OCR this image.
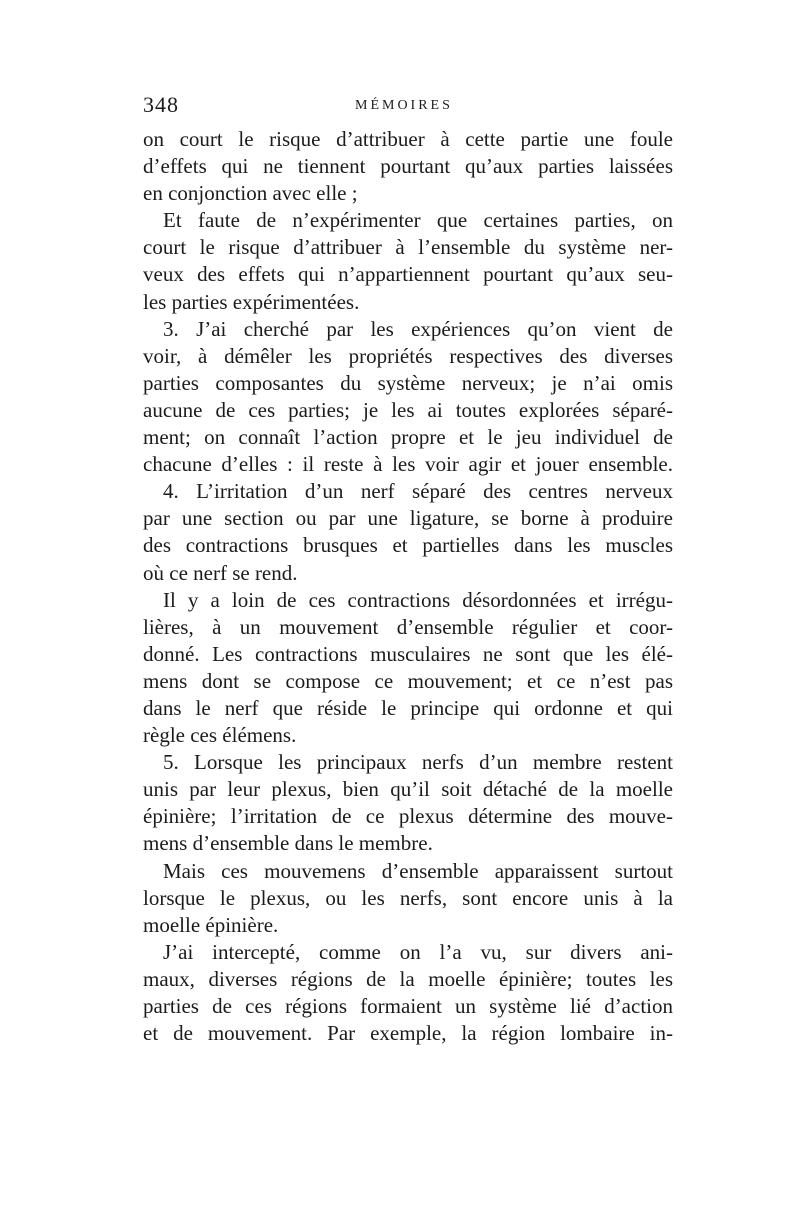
348	MÉMOIRES
on court le risque d’attribuer à cette partie une foule
d’effets qui ne tiennent pourtant qu’aux parties laissées
en conjonction avec elle ;
Et faute de n’expérimenter que certaines parties, on
court le risque d’attribuer à l’ensemble du système ner-
veux des effets qui n’appartiennent pourtant qu’aux seu-
les parties expérimentées.
3. J’ai cherché par les expériences qu’on vient de
voir, à démêler les propriétés respectives des diverses
parties composantes du système nerveux; je n’ai omis
aucune de ces parties; je les ai toutes explorées séparé-
ment; on connaît l’action propre et le jeu individuel de
chacune d’elles : il reste à les voir agir et jouer ensemble.
4. L’irritation d’un nerf séparé des centres nerveux
par une section ou par une ligature, se borne à produire
des contractions brusques et partielles dans les muscles
où ce nerf se rend.
Il y a loin de ces contractions désordonnées et irrégu-
lières, à un mouvement d’ensemble régulier et coor-
donné. Les contractions musculaires ne sont que les élé-
mens dont se compose ce mouvement; et ce n’est pas
dans le nerf que réside le principe qui ordonne et qui
règle ces élémens.
5. Lorsque les principaux nerfs d’un membre restent
unis par leur plexus, bien qu’il soit détaché de la moelle
épinière; l’irritation de ce plexus détermine des mouve-
mens d’ensemble dans le membre.
Mais ces mouvemens d’ensemble apparaissent surtout
lorsque le plexus, ou les nerfs, sont encore unis à la
moelle épinière.
J’ai intercepté, comme on l’a vu, sur divers ani-
maux, diverses régions de la moelle épinière; toutes les
parties de ces régions formaient un système lié d’action
et de mouvement. Par exemple, la région lombaire in-
